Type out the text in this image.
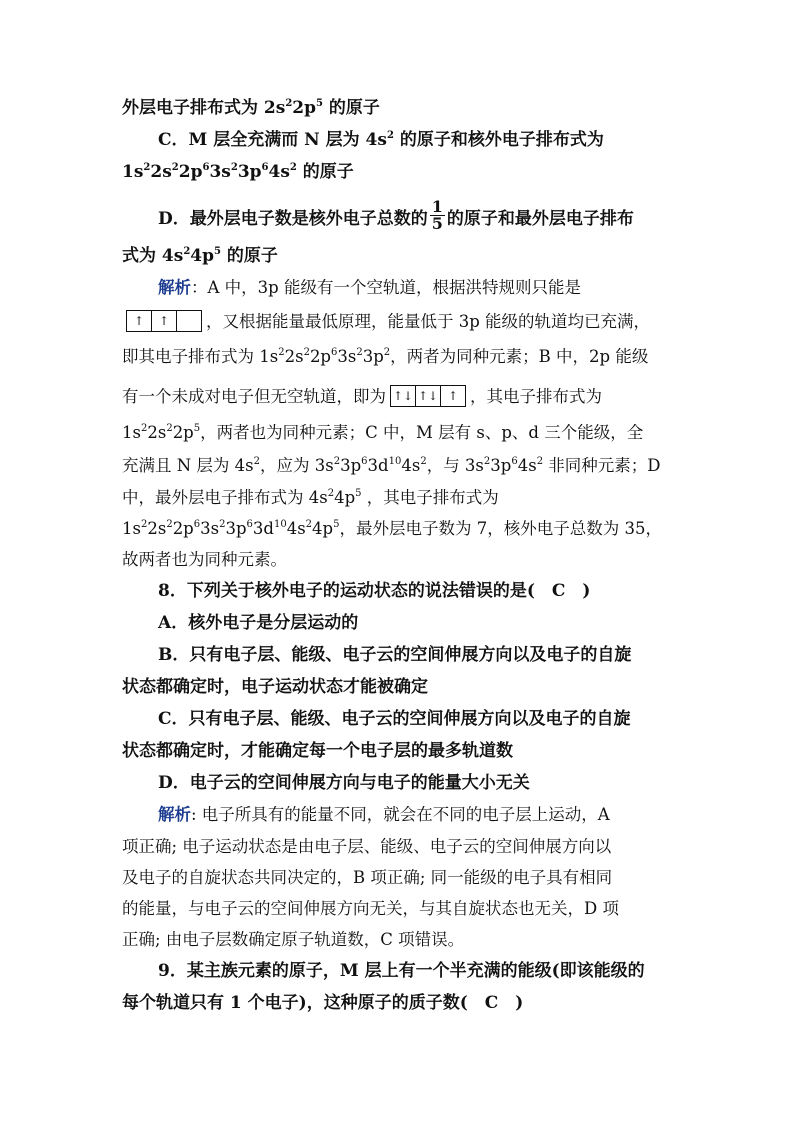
外层电子排布式为 $2s^22p^5$ 的原子
C．M 层全充满而 N 层为 $4s^2$ 的原子和核外电子排布式为
$1s^22s^22p^63s^23p^64s^2$ 的原子
D．最外层电子数是核外电子总数的 $\frac{1}{5}$ 的原子和最外层电子排布
式为 $4s^24p^5$ 的原子
解析：A 中，3p 能级有一个空轨道，根据洪特规则只能是
↑	↑	，又根据能量最低原理，能量低于 3p 能级的轨道均已充满，
即其电子排布式为 $1s^22s^22p^63s^23p^2$，两者为同种元素；B 中，2p 能级
有一个未成对电子但无空轨道，即为 ↑↓ ↑↓ ↑ ，其电子排布式为
$1s^22s^22p^5$，两者也为同种元素；C 中，M 层有 s、p、d 三个能级，全
充满且 N 层为 $4s^2$，应为 $3s^23p^63d^{10}4s^2$，与 $3s^23p^64s^2$ 非同种元素；D
中，最外层电子排布式为 $4s^24p^5$ ，其电子排布式为
$1s^22s^22p^63s^23p^63d^{10}4s^24p^5$，最外层电子数为 7，核外电子总数为 35，
故两者也为同种元素。
8．下列关于核外电子的运动状态的说法错误的是(　C　)
A．核外电子是分层运动的
B．只有电子层、能级、电子云的空间伸展方向以及电子的自旋
状态都确定时，电子运动状态才能被确定
C．只有电子层、能级、电子云的空间伸展方向以及电子的自旋
状态都确定时，才能确定每一个电子层的最多轨道数
D．电子云的空间伸展方向与电子的能量大小无关
解析: 电子所具有的能量不同，就会在不同的电子层上运动，A
项正确; 电子运动状态是由电子层、能级、电子云的空间伸展方向以
及电子的自旋状态共同决定的，B 项正确; 同一能级的电子具有相同
的能量，与电子云的空间伸展方向无关，与其自旋状态也无关，D 项
正确; 由电子层数确定原子轨道数，C 项错误。
9．某主族元素的原子，M 层上有一个半充满的能级(即该能级的
每个轨道只有 1 个电子)，这种原子的质子数(　C　)
